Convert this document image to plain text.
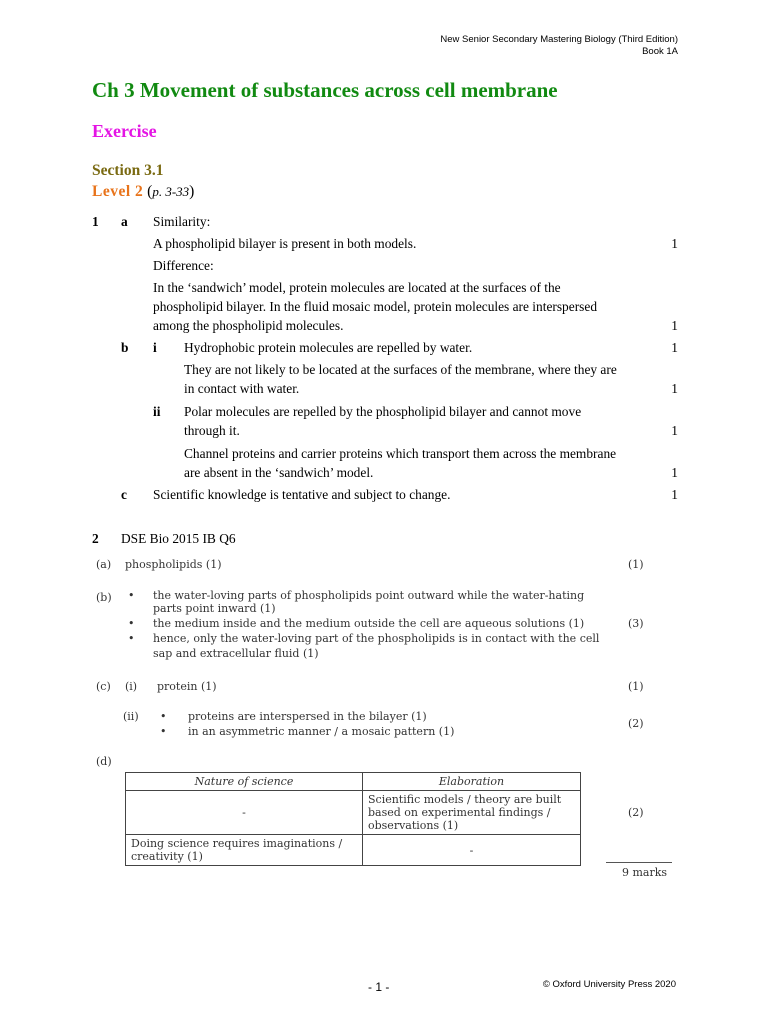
New Senior Secondary Mastering Biology (Third Edition)
Book 1A
Ch 3 Movement of substances across cell membrane
Exercise
Section 3.1
Level 2 (p. 3-33)
1 a Similarity:
A phospholipid bilayer is present in both models.	1
Difference:
In the ‘sandwich’ model, protein molecules are located at the surfaces of the
phospholipid bilayer. In the fluid mosaic model, protein molecules are interspersed
among the phospholipid molecules.	1
b i Hydrophobic protein molecules are repelled by water.	1
They are not likely to be located at the surfaces of the membrane, where they are
in contact with water.	1
ii Polar molecules are repelled by the phospholipid bilayer and cannot move
through it.	1
Channel proteins and carrier proteins which transport them across the membrane
are absent in the ‘sandwich’ model.	1
c Scientific knowledge is tentative and subject to change.	1
2 DSE Bio 2015 IB Q6
(a) phospholipids (1)	(1)
(b) • the water-loving parts of phospholipids point outward while the water-hating
parts point inward (1)
• the medium inside and the medium outside the cell are aqueous solutions (1)	(3)
• hence, only the water-loving part of the phospholipids is in contact with the cell
sap and extracellular fluid (1)
(c) (i) protein (1)	(1)
(ii) • proteins are interspersed in the bilayer (1)
(2)
• in an asymmetric manner / a mosaic pattern (1)
(d)
Nature of science	Elaboration
-	Scientific models / theory are built
based on experimental findings /
observations (1)

Doing science requires imaginations /
creativity (1)	-
(2)
9 marks
- 1 -	© Oxford University Press 2020
